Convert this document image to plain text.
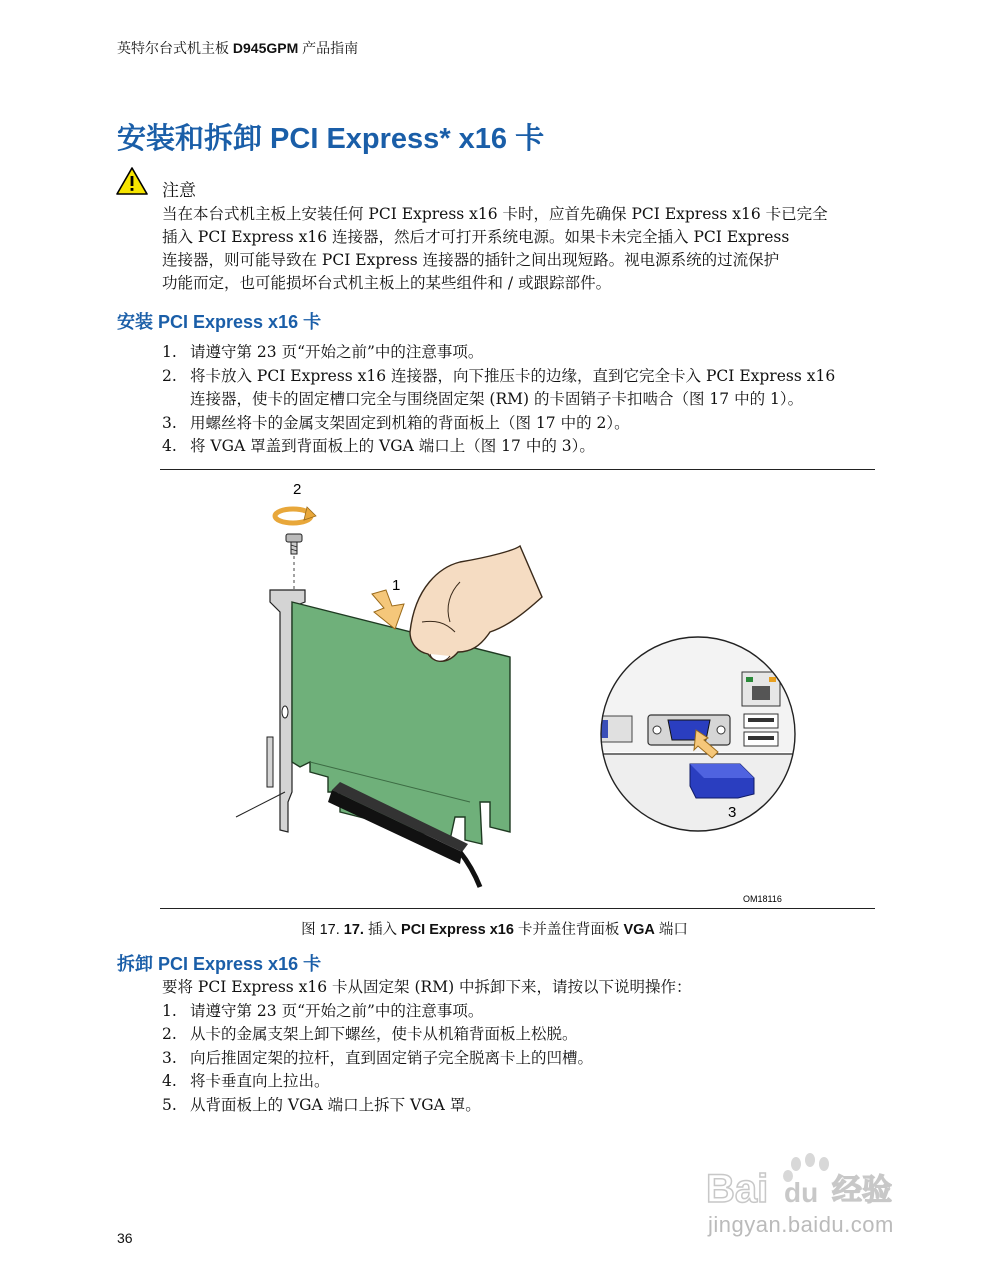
英特尔台式机主板 D945GPM 产品指南
安装和拆卸 PCI Express* x16 卡
注意
当在本台式机主板上安装任何 PCI Express x16 卡时，应首先确保 PCI Express x16 卡已完全
插入 PCI Express x16 连接器，然后才可打开系统电源。如果卡未完全插入 PCI Express
连接器，则可能导致在 PCI Express 连接器的插针之间出现短路。视电源系统的过流保护
功能而定，也可能损坏台式机主板上的某些组件和 / 或跟踪部件。
安装 PCI Express x16 卡
1. 请遵守第 23 页“开始之前”中的注意事项。
2. 将卡放入 PCI Express x16 连接器，向下推压卡的边缘，直到它完全卡入 PCI Express x16
连接器，使卡的固定槽口完全与围绕固定架 (RM) 的卡固销子卡扣啮合（图 17 中的 1）。
3. 用螺丝将卡的金属支架固定到机箱的背面板上（图 17 中的 2）。
4. 将 VGA 罩盖到背面板上的 VGA 端口上（图 17 中的 3）。
2
1
3
OM18116
图 17. 17. 插入 PCI Express x16 卡并盖住背面板 VGA 端口
拆卸 PCI Express x16 卡
要将 PCI Express x16 卡从固定架 (RM) 中拆卸下来，请按以下说明操作：
1. 请遵守第 23 页“开始之前”中的注意事项。
2. 从卡的金属支架上卸下螺丝，使卡从机箱背面板上松脱。
3. 向后推固定架的拉杆，直到固定销子完全脱离卡上的凹槽。
4. 将卡垂直向上拉出。
5. 从背面板上的 VGA 端口上拆下 VGA 罩。
Bai du 经验
jingyan.baidu.com
36
